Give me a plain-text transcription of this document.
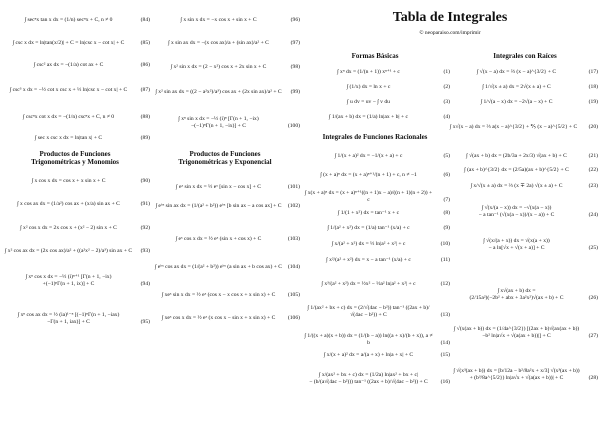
Tabla de Integrales
© neoparaiso.com/imprimir
Productos de Funciones
Trigonométricas y Monomios
Productos de Funciones
Trigonométricas y Exponencial
Formas Básicas
Integrales de Funciones Racionales
Integrales con Raíces
∫ secⁿx tan x dx = (1/n) secⁿx + C, n ≠ 0	(84)
∫ csc x dx = ln|tan(x/2)| + C = ln|csc x − cot x| + C	(85)
∫ csc² ax dx = −(1/a) cot ax + C	(86)
∫ csc³ x dx = −½ cot x csc x + ½ ln|csc x − cot x| + C	(87)
∫ cscⁿx cot x dx = −(1/n) cscⁿx + C, n ≠ 0	(88)
∫ sec x csc x dx = ln|tan x| + C	(89)
∫ x cos x dx = cos x + x sin x + C	(90)
∫ x cos ax dx = (1/a²) cos ax + (x/a) sin ax + C	(91)
∫ x² cos x dx = 2x cos x + (x² − 2) sin x + C	(92)
∫ x² cos ax dx = (2x cos ax)/a² + ((a²x² − 2)/a³) sin ax + C	(93)
∫ xⁿ cos x dx = −½ (i)ⁿ⁺¹ [Γ(n + 1, −ix)
+(−1)ⁿΓ(n + 1, ix)] + C	(94)
∫ xⁿ cos ax dx = ½ (ia)¹⁻ⁿ [(−1)ⁿΓ(n + 1, −iax)
−Γ(n + 1, iax)] + C	(95)
∫ x sin x dx = −x cos x + sin x + C	(96)
∫ x sin ax dx = −(x cos ax)/a + (sin ax)/a² + C	(97)
∫ x² sin x dx = (2 − x²) cos x + 2x sin x + C	(98)
∫ x² sin ax dx = ((2 − a²x²)/a³) cos ax + (2x sin ax)/a² + C	(99)
∫ xⁿ sin x dx = −½ (i)ⁿ [Γ(n + 1, −ix)
−(−1)ⁿΓ(n + 1, −ix)] + C	(100)
∫ eˣ sin x dx = ½ eˣ [sin x − cos x] + C	(101)
∫ eᵇˣ sin ax dx = (1/(a² + b²)) eᵇˣ [b sin ax − a cos ax] + C	(102)
∫ eˣ cos x dx = ½ eˣ (sin x + cos x) + C	(103)
∫ eᵇˣ cos ax dx = (1/(a² + b²)) eᵇˣ (a sin ax + b cos ax) + C	(104)
∫ xeˣ sin x dx = ½ eˣ (cos x − x cos x + x sin x) + C	(105)
∫ xeˣ cos x dx = ½ eˣ (x cos x − sin x + x sin x) + C	(106)
∫ xⁿ dx = (1/(n + 1)) xⁿ⁺¹ + c	(1)
∫ (1/x) dx = ln x + c	(2)
∫ u dv = uv − ∫ v du	(3)
∫ 1/(ax + b) dx = (1/a) ln|ax + b| + c	(4)
∫ 1/(x + a)² dx = −1/(x + a) + c	(5)
∫ (x + a)ⁿ dx = (x + a)ⁿ⁺¹/(n + 1) + c, n ≠ −1	(6)
∫ x(x + a)ⁿ dx = (x + a)ⁿ⁺¹((n + 1)x − a)/((n + 1)(n + 2)) + c	(7)
∫ 1/(1 + x²) dx = tan⁻¹ x + c	(8)
∫ 1/(a² + x²) dx = (1/a) tan⁻¹ (x/a) + c	(9)
∫ x/(a² + x²) dx = ½ ln|a² + x²| + c	(10)
∫ x²/(a² + x²) dx = x − a tan⁻¹ (x/a) + c	(11)
∫ x³/(a² + x²) dx = ½x² − ½a² ln|a² + x²| + c	(12)
∫ 1/(ax² + bx + c) dx = (2/√(4ac − b²)) tan⁻¹ ((2ax + b)/√(4ac − b²)) + C	(13)
∫ 1/((x + a)(x + b)) dx = (1/(b − a)) ln((a + x)/(b + x)), a ≠ b	(14)
∫ x/(x + a)² dx = a/(a + x) + ln|a + x| + C	(15)
∫ x/(ax² + bx + c) dx = (1/2a) ln|ax² + bx + c|
− (b/(a√(4ac − b²))) tan⁻¹ ((2ax + b)/√(4ac − b²)) + C	(16)
∫ √(x − a) dx = ⅔ (x − a)^{3/2} + C	(17)
∫ 1/√(x ± a) dx = 2√(x ± a) + C	(18)
∫ 1/√(a − x) dx = −2√(a − x) + C	(19)
∫ x√(x − a) dx = ⅔ a(x − a)^{3/2} + ⅖ (x − a)^{5/2} + C	(20)
∫ √(ax + b) dx = (2b/3a + 2x/3) √(ax + b) + C	(21)
∫ (ax + b)^{3/2} dx = (2/5a)(ax + b)^{5/2} + C	(22)
∫ x/√(x ± a) dx = ⅔ (x ∓ 2a) √(x ± a) + C	(23)
∫ √(x/(a − x)) dx = −√(x(a − x))
− a tan⁻¹ (√(x(a − x))/(x − a)) + C	(24)
∫ √(x/(a + x)) dx = √(x(a + x))
− a ln[√x + √(x + a)] + C	(25)
∫ x√(ax + b) dx =
(2/15a²)(−2b² + abx + 3a²x²)√(ax + b) + C	(26)
∫ √(x(ax + b)) dx = (1/4a^{3/2}) [(2ax + b)√(ax(ax + b))
−b² ln|a√x + √(a(ax + b))|] + C	(27)
∫ √(x³(ax + b)) dx = [b/12a − b²/8a²x + x/3] √(x³(ax + b))
+ (b³/8a^{5/2}) ln|a√x + √(a(ax + b))| + C	(28)
